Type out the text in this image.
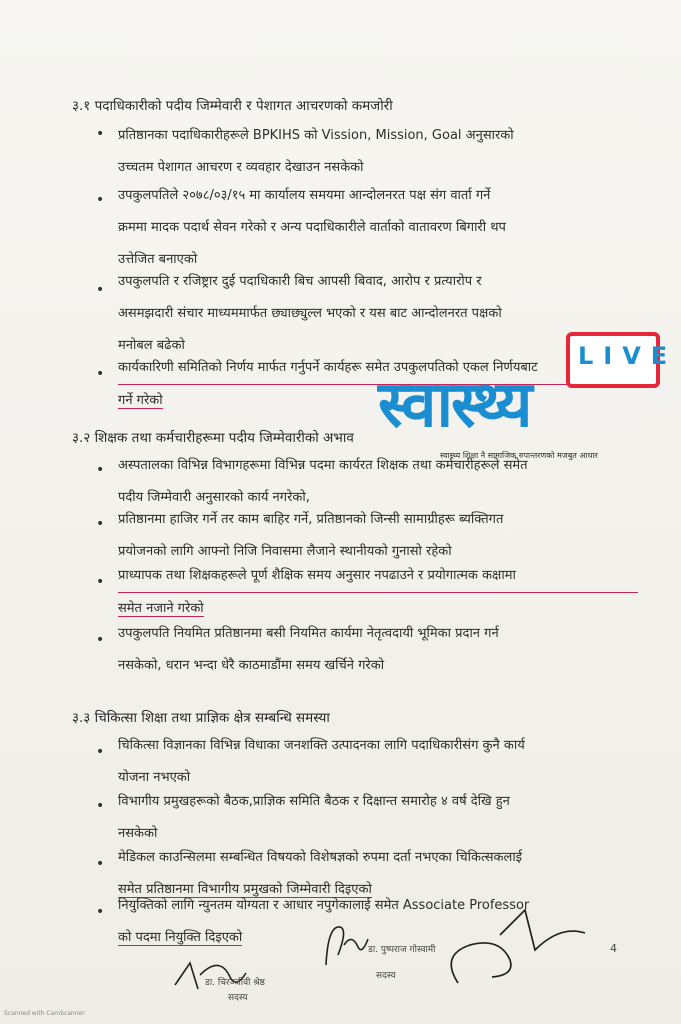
३.१ पदाधिकारीको पदीय जिम्मेवारी र पेशागत आचरणको कमजोरी
• प्रतिष्ठानका पदाधिकारीहरूले BPKIHS को Vission, Mission, Goal अनुसारको
उच्चतम पेशागत आचरण र व्यवहार देखाउन नसकेको
• उपकुलपतिले २०७८/०३/१५ मा कार्यालय समयमा आन्दोलनरत पक्ष संग वार्ता गर्ने
क्रममा मादक पदार्थ सेवन गरेको र अन्य पदाधिकारीले वार्ताको वातावरण बिगारी थप
उत्तेजित बनाएको
•
उपकुलपति र रजिष्ट्रार दुई पदाधिकारी बिच आपसी बिवाद, आरोप र प्रत्यारोप र
असमझदारी संचार माध्यममार्फत छ्याछ्युल्ल भएको र यस बाट आन्दोलनरत पक्षको
मनोबल बढेको
• कार्यकारिणी समितिको निर्णय मार्फत गर्नुपर्ने कार्यहरू समेत उपकुलपतिको एकल निर्णयबाट
गर्ने गरेको
३.२ शिक्षक तथा कर्मचारीहरूमा पदीय जिम्मेवारीको अभाव
• अस्पतालका विभिन्न विभागहरूमा विभिन्न पदमा कार्यरत शिक्षक तथा कर्मचारीहरूले समेत
पदीय जिम्मेवारी अनुसारको कार्य नगरेको,
• प्रतिष्ठानमा हाजिर गर्ने तर काम बाहिर गर्ने, प्रतिष्ठानको जिन्सी सामाग्रीहरू ब्यक्तिगत
प्रयोजनको लागि आफ्नो निजि निवासमा लैजाने स्थानीयको गुनासो रहेको
• प्राध्यापक तथा शिक्षकहरूले पूर्ण शैक्षिक समय अनुसार नपढाउने र प्रयोगात्मक कक्षामा
समेत नजाने गरेको
• उपकुलपति नियमित प्रतिष्ठानमा बसी नियमित कार्यमा नेतृत्वदायी भूमिका प्रदान गर्न
नसकेको, धरान भन्दा धेरै काठमाडौंमा समय खर्चिने गरेको
३.३ चिकित्सा शिक्षा तथा प्राज्ञिक क्षेत्र सम्बन्धि समस्या
• चिकित्सा विज्ञानका विभिन्न विधाका जनशक्ति उत्पादनका लागि पदाधिकारीसंग कुनै कार्य
योजना नभएको
• विभागीय प्रमुखहरूको बैठक,प्राज्ञिक समिति बैठक र दिक्षान्त समारोह ४ वर्ष देखि हुन
नसकेको
• मेडिकल काउन्सिलमा सम्बन्धित विषयको विशेषज्ञको रुपमा दर्ता नभएका चिकित्सकलाई
समेत प्रतिष्ठानमा विभागीय प्रमुखको जिम्मेवारी दिइएको
• नियुक्तिको लागि न्युनतम योग्यता र आधार नपुगेकालाई समेत Associate Professor
को पदमा नियुक्ति दिइएको
LIVE
स्वास्थ्य
स्वास्थ्य शिक्षा नै सामाजिक रुपान्तरणको मजबुत आधार
डा. चिरञ्जीवी श्रेष्ठ
सदस्य
डा. पुष्पराज गोस्वामी
सदस्य
4
Scanned with CamScanner
